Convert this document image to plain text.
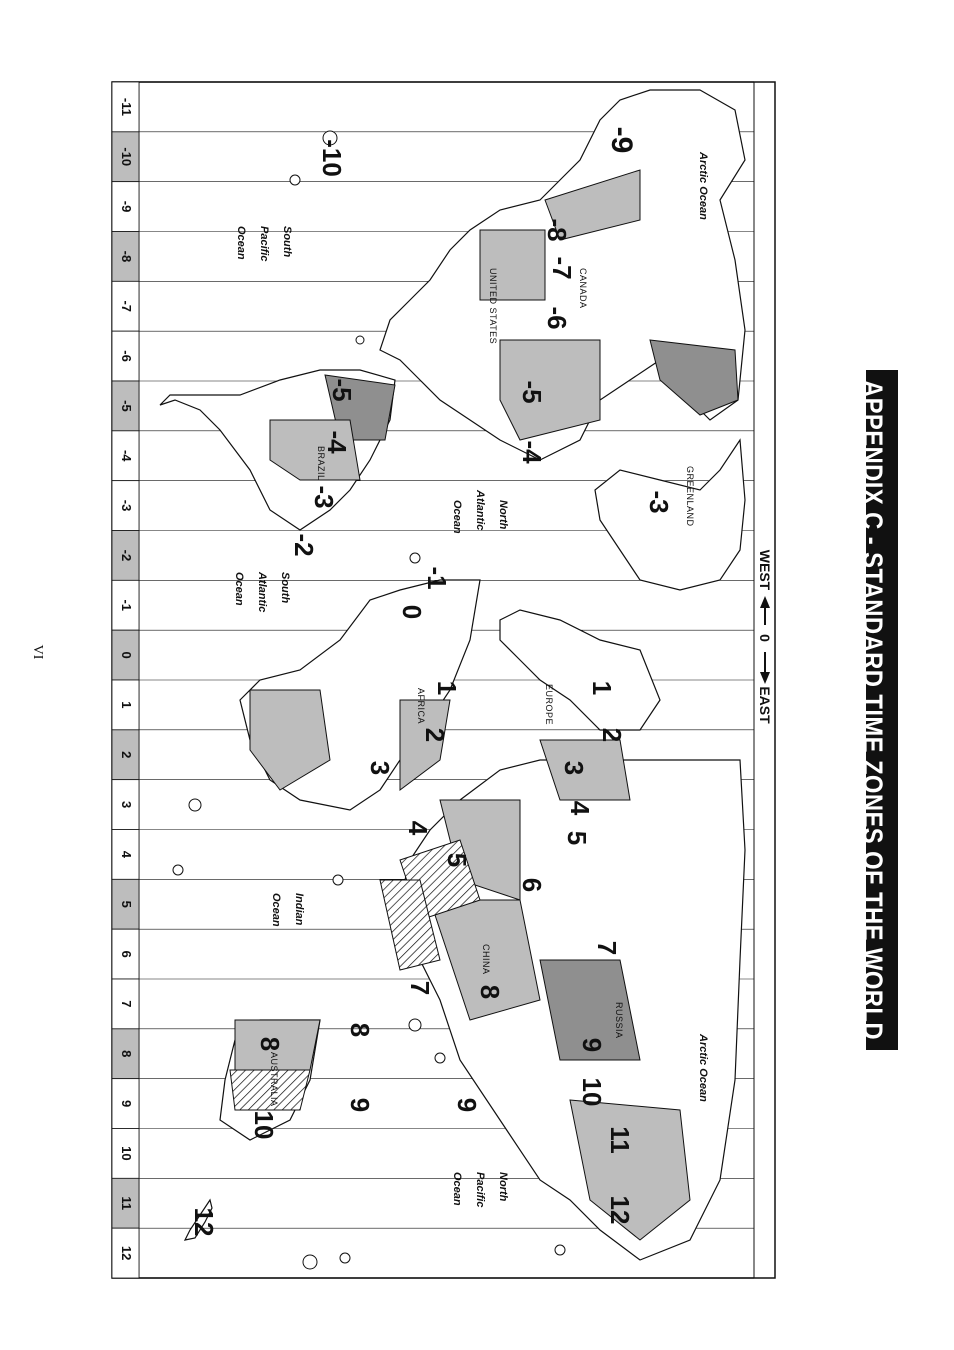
APPENDIX C - STANDARD TIME ZONES OF THE WORLD
-11
-10
-9
-8
-7
-6
-5
-4
-3
-2
-1
0
1
2
3
4
5
6
7
8
9
10
11
12
WEST
0
EAST
-9
-10
-8
-7
-6
-5	-5
-4	-4
-3
-3
-2
-1
0
1	1
2	2
3	3
4
4
5
5
6
7
7 8
8
8
9
9	9	10
10
11
12
12
CANADA
UNITED STATES
BRAZIL
GREENLAND
AFRICA	EUROPE
CHINA
RUSSIA
AUSTRALIA
Arctic Ocean
South
Pacific
Ocean
North
Atlantic
Ocean
South
Atlantic
Ocean
Indian
Ocean
Arctic Ocean
North
Pacific
Ocean
VI
